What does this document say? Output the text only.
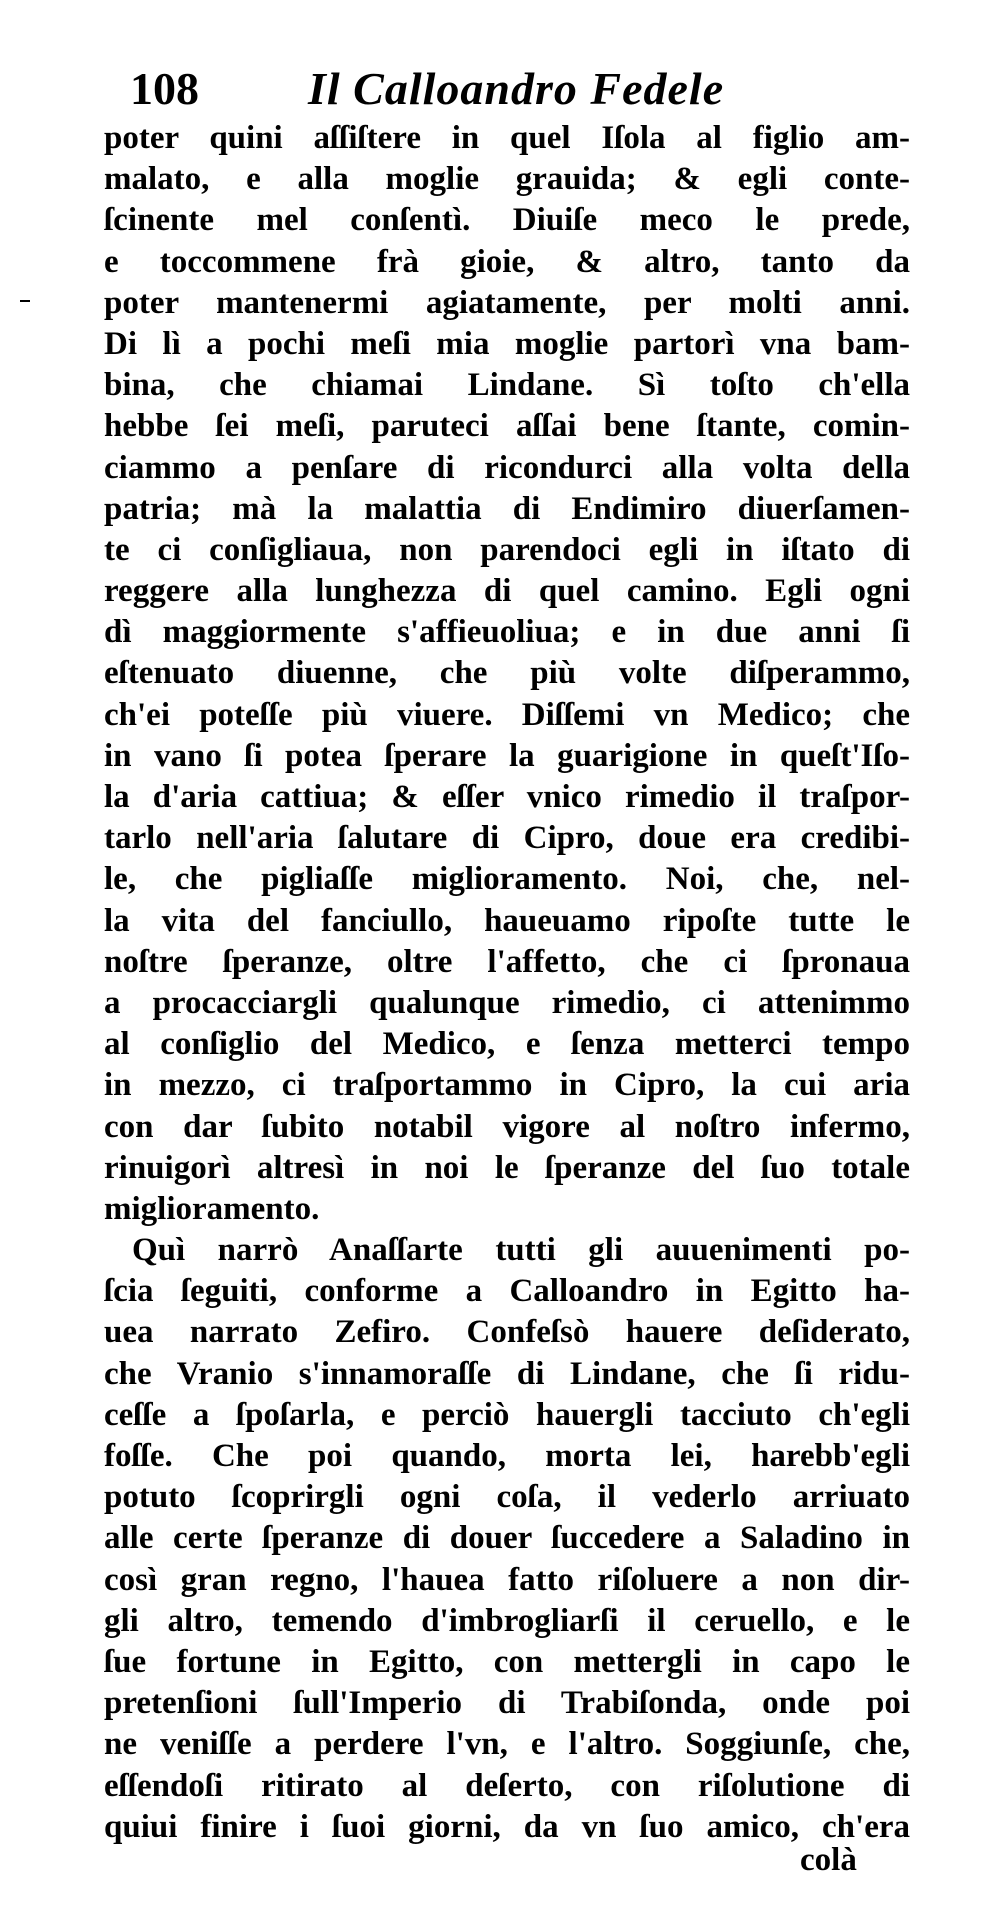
108 Il Calloandro Fedele
poter quini aſſiſtere in quel Iſola al figlio am-
malato, e alla moglie grauida; & egli conte-
ſcinente mel conſentì. Diuiſe meco le prede,
e toccommene frà gioie, & altro, tanto da
poter mantenermi agiatamente, per molti anni.
Di lì a pochi meſi mia moglie partorì vna bam-
bina, che chiamai Lindane. Sì toſto ch'ella
hebbe ſei meſi, paruteci aſſai bene ſtante, comin-
ciammo a penſare di ricondurci alla volta della
patria; mà la malattia di Endimiro diuerſamen-
te ci conſigliaua, non parendoci egli in iſtato di
reggere alla lunghezza di quel camino. Egli ogni
dì maggiormente s'affieuoliua; e in due anni ſi
eſtenuato diuenne, che più volte diſperammo,
ch'ei poteſſe più viuere. Diſſemi vn Medico; che
in vano ſi potea ſperare la guarigione in queſt'Iſo-
la d'aria cattiua; & eſſer vnico rimedio il traſpor-
tarlo nell'aria ſalutare di Cipro, doue era credibi-
le, che pigliaſſe miglioramento. Noi, che, nel-
la vita del fanciullo, haueuamo ripoſte tutte le
noſtre ſperanze, oltre l'affetto, che ci ſpronaua
a procacciargli qualunque rimedio, ci attenimmo
al conſiglio del Medico, e ſenza metterci tempo
in mezzo, ci traſportammo in Cipro, la cui aria
con dar ſubito notabil vigore al noſtro infermo,
rinuigorì altresì in noi le ſperanze del ſuo totale
miglioramento.
Quì narrò Anaſſarte tutti gli auuenimenti po-
ſcia ſeguiti, conforme a Calloandro in Egitto ha-
uea narrato Zefiro. Confeſsò hauere deſiderato,
che Vranio s'innamoraſſe di Lindane, che ſi ridu-
ceſſe a ſpoſarla, e perciò hauergli tacciuto ch'egli
foſſe. Che poi quando, morta lei, harebb'egli
potuto ſcoprirgli ogni coſa, il vederlo arriuato
alle certe ſperanze di douer ſuccedere a Saladino in
così gran regno, l'hauea fatto riſoluere a non dir-
gli altro, temendo d'imbrogliarſi il ceruello, e le
ſue fortune in Egitto, con mettergli in capo le
pretenſioni ſull'Imperio di Trabiſonda, onde poi
ne veniſſe a perdere l'vn, e l'altro. Soggiunſe, che,
eſſendoſi ritirato al deſerto, con riſolutione di
quiui finire i ſuoi giorni, da vn ſuo amico, ch'era
colà
